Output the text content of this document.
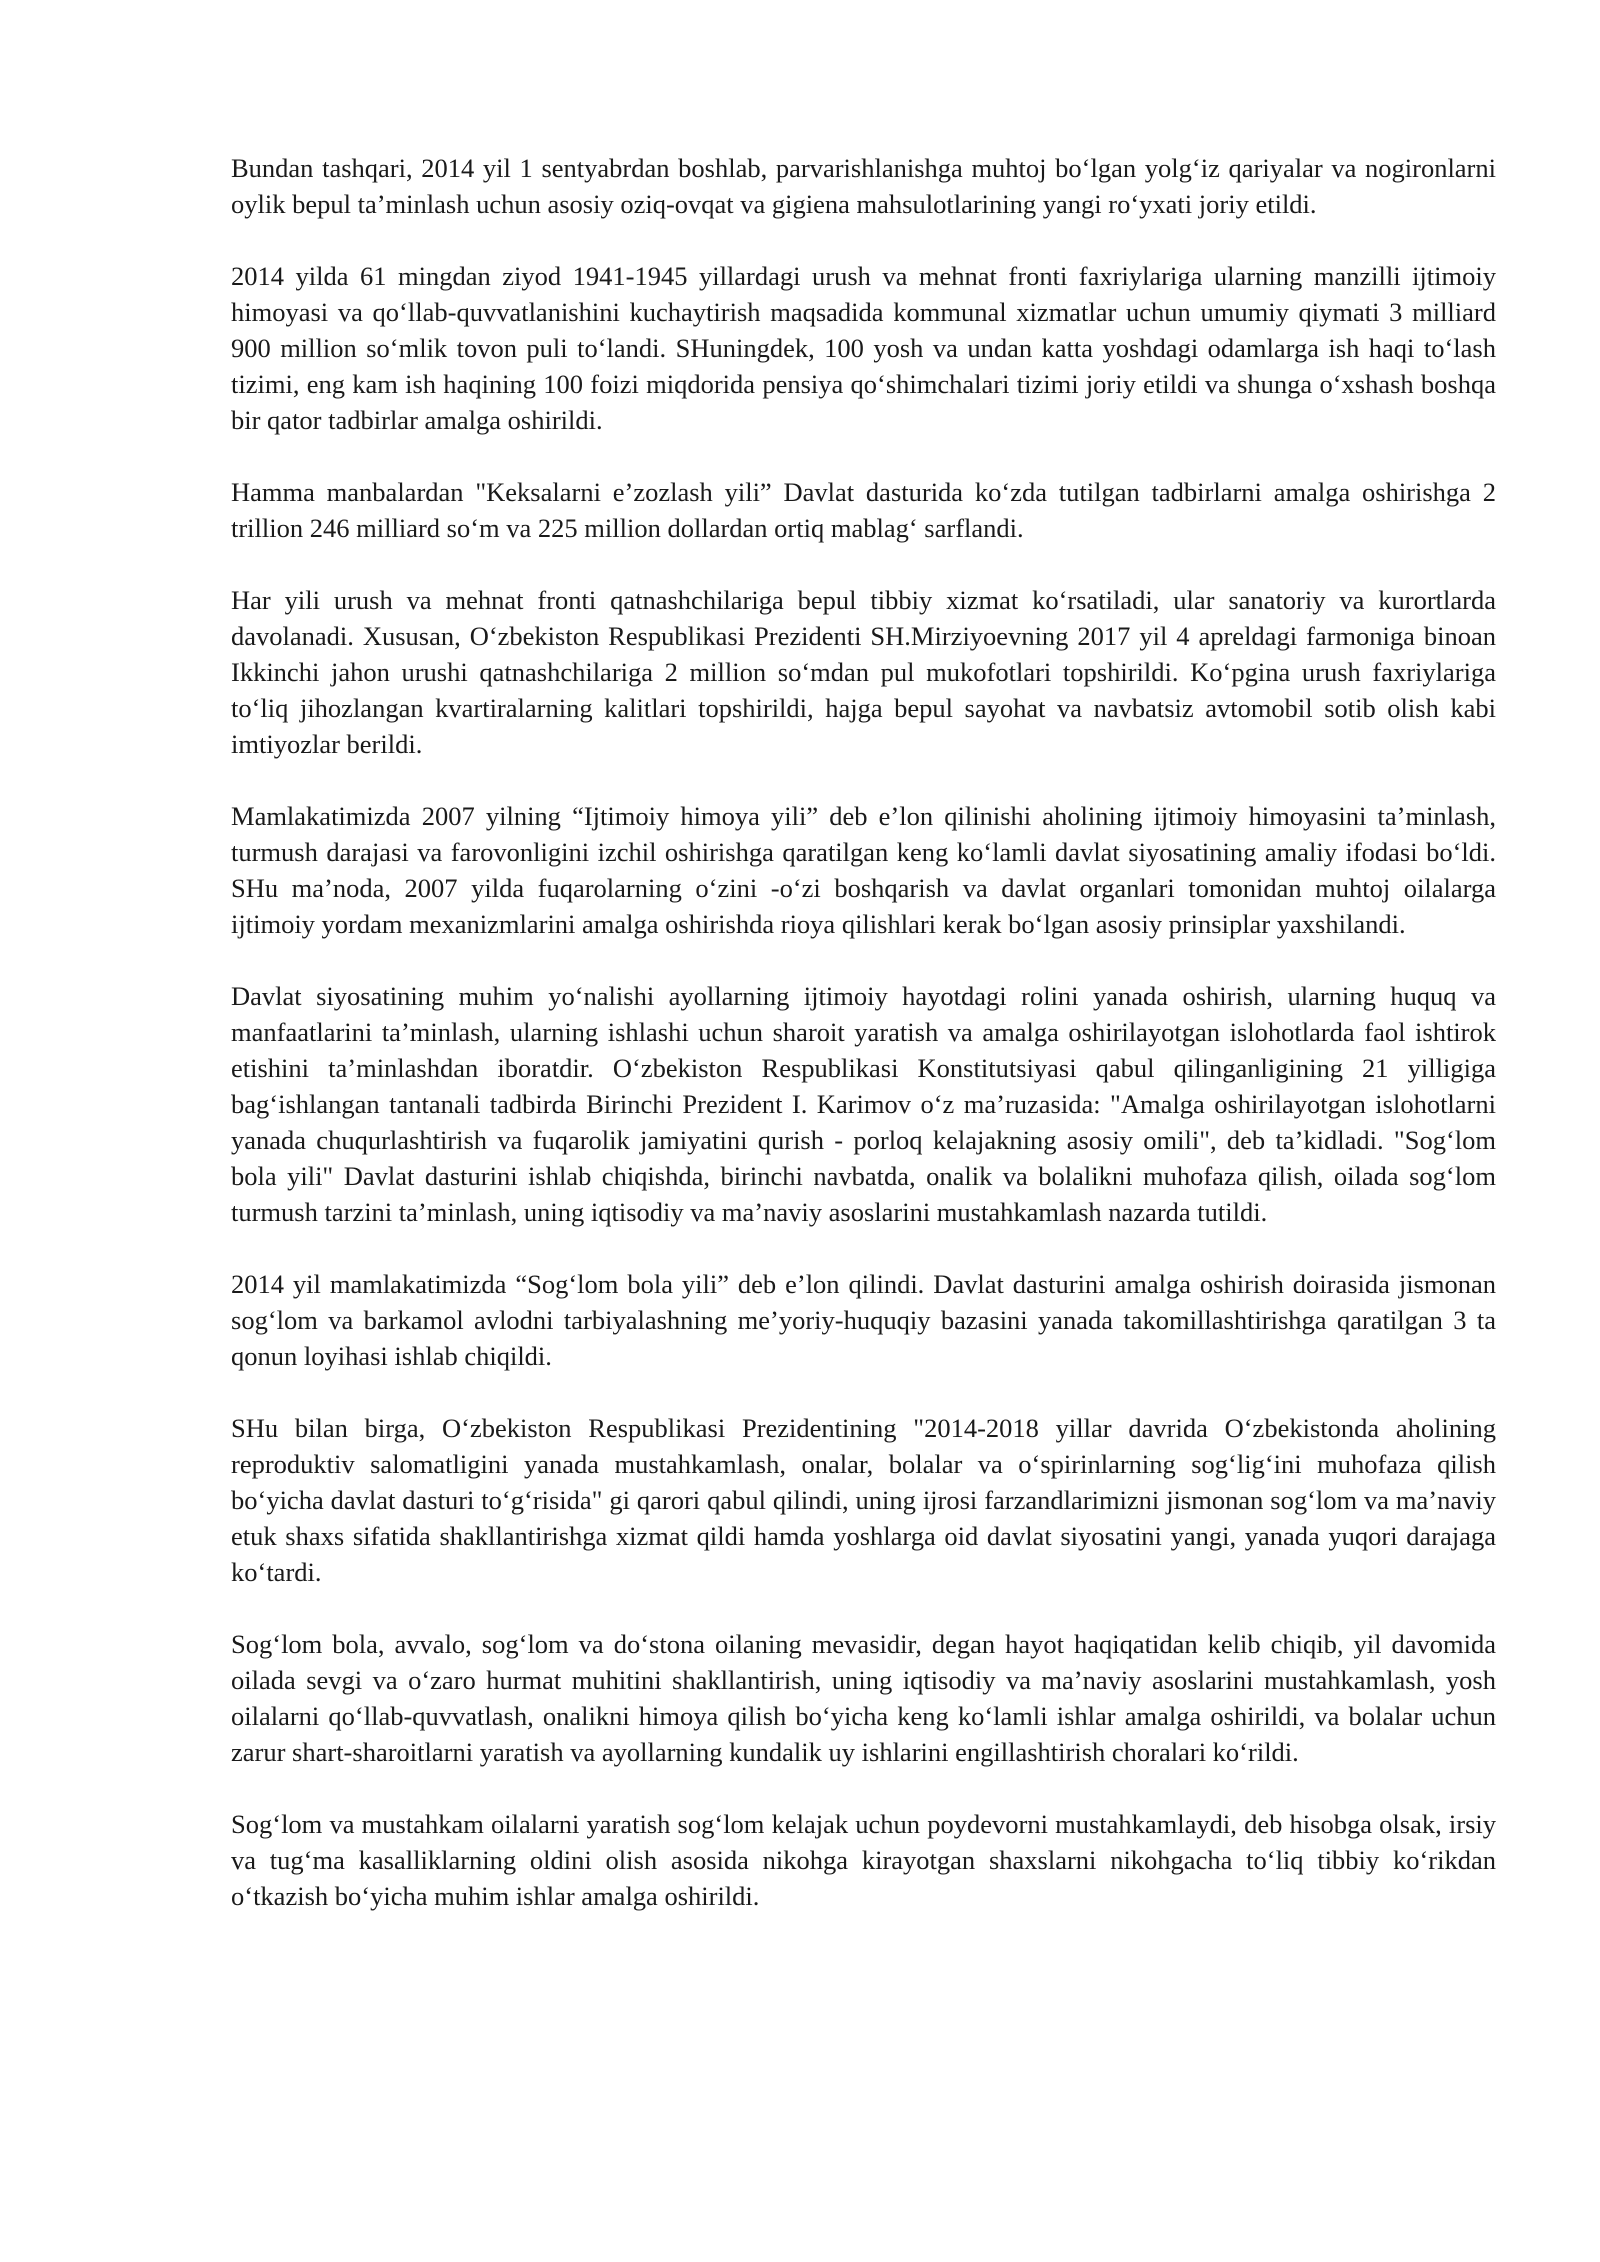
Bundan tashqari, 2014 yil 1 sentyabrdan boshlab, parvarishlanishga muhtoj boʻlgan yolgʻiz qariyalar va nogironlarni oylik bepul taʼminlash uchun asosiy oziq-ovqat va gigiena mahsulotlarining yangi roʻyxati joriy etildi.

2014 yilda 61 mingdan ziyod 1941-1945 yillardagi urush va mehnat fronti faxriylariga ularning manzilli ijtimoiy himoyasi va qoʻllab-quvvatlanishini kuchaytirish maqsadida kommunal xizmatlar uchun umumiy qiymati 3 milliard 900 million soʻmlik tovon puli toʻlandi. SHuningdek, 100 yosh va undan katta yoshdagi odamlarga ish haqi toʻlash tizimi, eng kam ish haqining 100 foizi miqdorida pensiya qoʻshimchalari tizimi joriy etildi va shunga oʻxshash boshqa bir qator tadbirlar amalga oshirildi.

Hamma manbalardan "Keksalarni eʼzozlash yili” Davlat dasturida koʻzda tutilgan tadbirlarni amalga oshirishga 2 trillion 246 milliard soʻm va 225 million dollardan ortiq mablagʻ sarflandi.

Har yili urush va mehnat fronti qatnashchilariga bepul tibbiy xizmat koʻrsatiladi, ular sanatoriy va kurortlarda davolanadi. Xususan, Oʻzbekiston Respublikasi Prezidenti SH.Mirziyoevning 2017 yil 4 apreldagi farmoniga binoan Ikkinchi jahon urushi qatnashchilariga 2 million soʻmdan pul mukofotlari topshirildi. Koʻpgina urush faxriylariga toʻliq jihozlangan kvartiralarning kalitlari topshirildi, hajga bepul sayohat va navbatsiz avtomobil sotib olish kabi imtiyozlar berildi.

Mamlakatimizda 2007 yilning “Ijtimoiy himoya yili” deb eʼlon qilinishi aholining ijtimoiy himoyasini taʼminlash, turmush darajasi va farovonligini izchil oshirishga qaratilgan keng koʻlamli davlat siyosatining amaliy ifodasi boʻldi. SHu maʼnoda, 2007 yilda fuqarolarning oʻzini -oʻzi boshqarish va davlat organlari tomonidan muhtoj oilalarga ijtimoiy yordam mexanizmlarini amalga oshirishda rioya qilishlari kerak boʻlgan asosiy prinsiplar yaxshilandi.

Davlat siyosatining muhim yoʻnalishi ayollarning ijtimoiy hayotdagi rolini yanada oshirish, ularning huquq va manfaatlarini taʼminlash, ularning ishlashi uchun sharoit yaratish va amalga oshirilayotgan islohotlarda faol ishtirok etishini taʼminlashdan iboratdir. Oʻzbekiston Respublikasi Konstitutsiyasi qabul qilinganligining 21 yilligiga bagʻishlangan tantanali tadbirda Birinchi Prezident I. Karimov oʻz maʼruzasida: "Amalga oshirilayotgan islohotlarni yanada chuqurlashtirish va fuqarolik jamiyatini qurish - porloq kelajakning asosiy omili", deb taʼkidladi. "Sogʻlom bola yili" Davlat dasturini ishlab chiqishda, birinchi navbatda, onalik va bolalikni muhofaza qilish, oilada sogʻlom turmush tarzini taʼminlash, uning iqtisodiy va maʼnaviy asoslarini mustahkamlash nazarda tutildi.

2014 yil mamlakatimizda “Sogʻlom bola yili” deb eʼlon qilindi. Davlat dasturini amalga oshirish doirasida jismonan sogʻlom va barkamol avlodni tarbiyalashning meʼyoriy-huquqiy bazasini yanada takomillashtirishga qaratilgan 3 ta qonun loyihasi ishlab chiqildi.

SHu bilan birga, Oʻzbekiston Respublikasi Prezidentining "2014-2018 yillar davrida Oʻzbekistonda aholining reproduktiv salomatligini yanada mustahkamlash, onalar, bolalar va oʻspirinlarning sogʻligʻini muhofaza qilish boʻyicha davlat dasturi toʻgʻrisida" gi qarori qabul qilindi, uning ijrosi farzandlarimizni jismonan sogʻlom va maʼnaviy etuk shaxs sifatida shakllantirishga xizmat qildi hamda yoshlarga oid davlat siyosatini yangi, yanada yuqori darajaga koʻtardi.

Sogʻlom bola, avvalo, sogʻlom va doʻstona oilaning mevasidir, degan hayot haqiqatidan kelib chiqib, yil davomida oilada sevgi va oʻzaro hurmat muhitini shakllantirish, uning iqtisodiy va maʼnaviy asoslarini mustahkamlash, yosh oilalarni qoʻllab-quvvatlash, onalikni himoya qilish boʻyicha keng koʻlamli ishlar amalga oshirildi, va bolalar uchun zarur shart-sharoitlarni yaratish va ayollarning kundalik uy ishlarini engillashtirish choralari koʻrildi.

Sogʻlom va mustahkam oilalarni yaratish sogʻlom kelajak uchun poydevorni mustahkamlaydi, deb hisobga olsak, irsiy va tugʻma kasalliklarning oldini olish asosida nikohga kirayotgan shaxslarni nikohgacha toʻliq tibbiy koʻrikdan oʻtkazish boʻyicha muhim ishlar amalga oshirildi.
